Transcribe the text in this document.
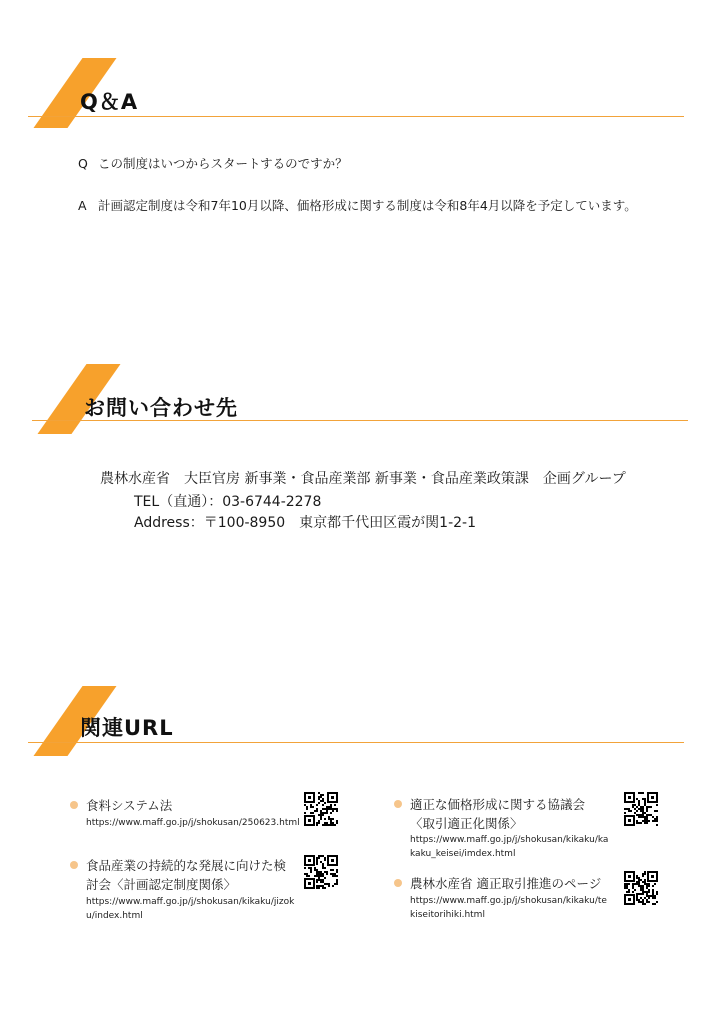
Q＆A
Q この制度はいつからスタートするのですか？
A 計画認定制度は令和7年10月以降、価格形成に関する制度は令和8年4月以降を予定しています。
お問い合わせ先
農林水産省　大臣官房 新事業・食品産業部 新事業・食品産業政策課　企画グループ
TEL（直通）：03-6744-2278
Address：〒100-8950　東京都千代田区霞が関1-2-1
関連URL
食料システム法
https://www.maff.go.jp/j/shokusan/250623.html
食品産業の持続的な発展に向けた検
討会〈計画認定制度関係〉
https://www.maff.go.jp/j/shokusan/kikaku/jizok
u/index.html
適正な価格形成に関する協議会
〈取引適正化関係〉
https://www.maff.go.jp/j/shokusan/kikaku/ka
kaku_keisei/imdex.html
農林水産省 適正取引推進のページ
https://www.maff.go.jp/j/shokusan/kikaku/te
kiseitorihiki.html
